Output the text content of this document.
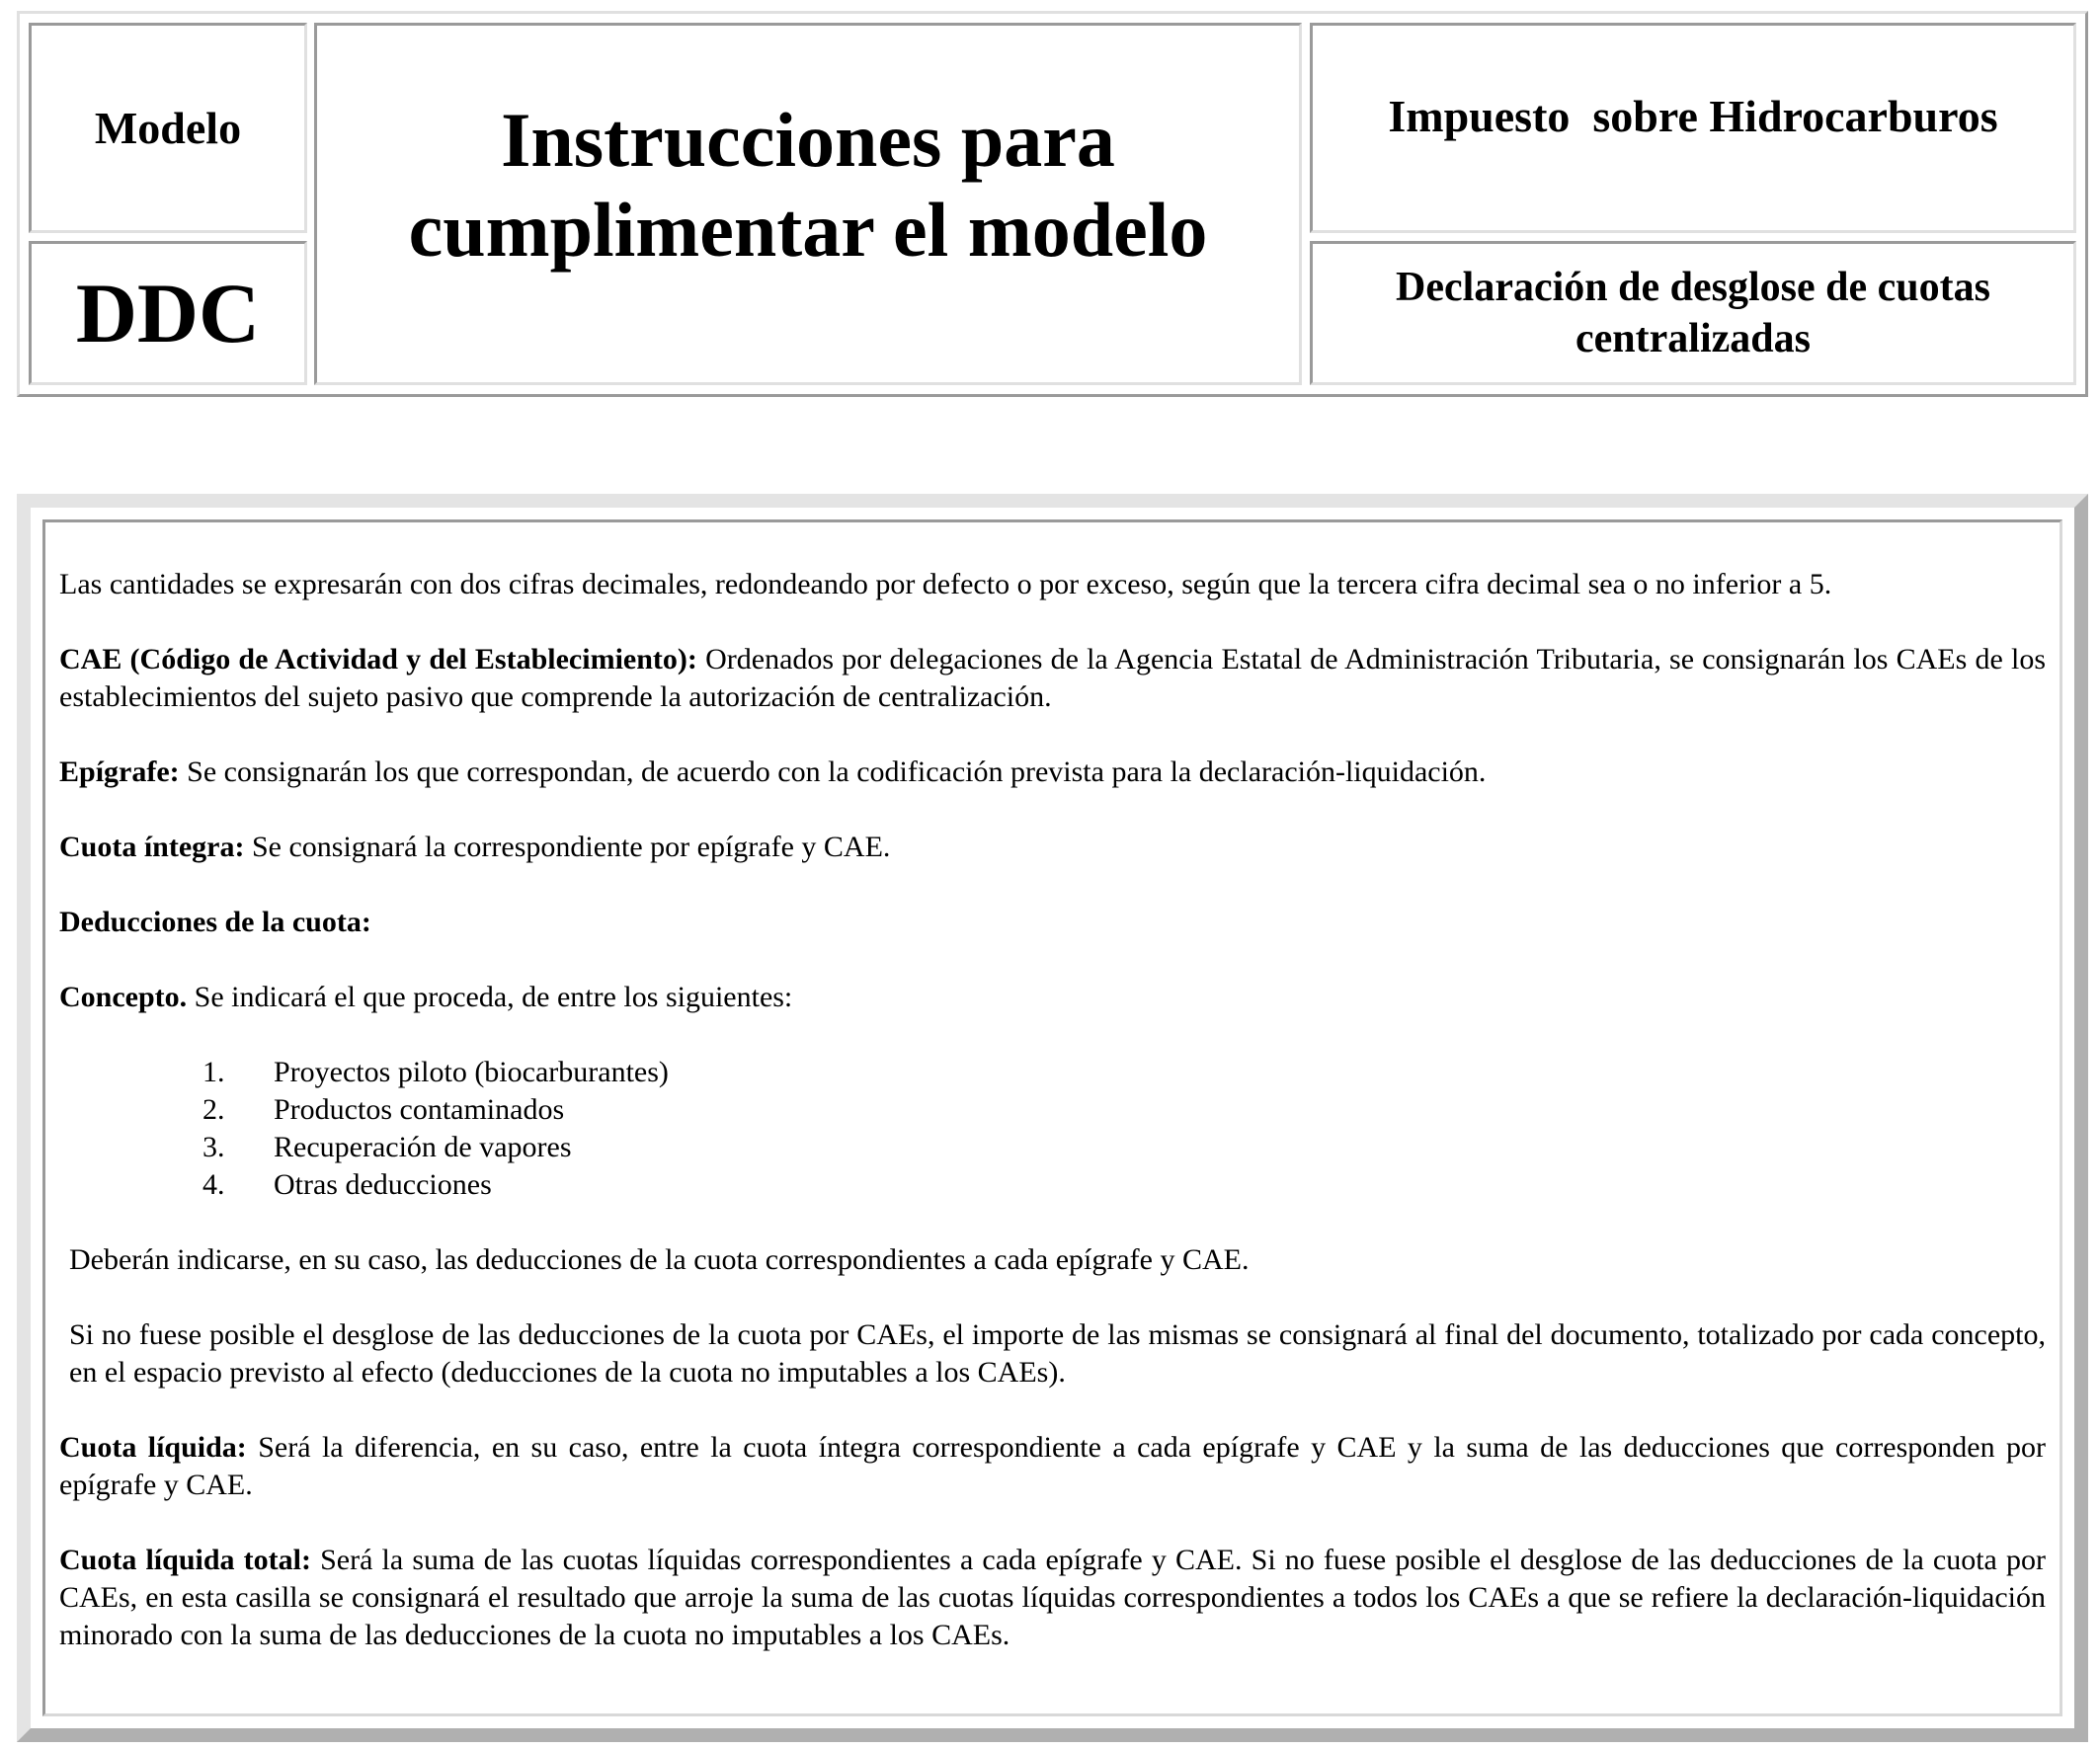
Modelo
DDC
Instrucciones para
cumplimentar el modelo
Impuesto  sobre Hidrocarburos
Declaración de desglose de cuotas
centralizadas

Las cantidades se expresarán con dos cifras decimales, redondeando por defecto o por exceso, según que la tercera cifra decimal sea o no inferior a 5.

CAE (Código de Actividad y del Establecimiento): Ordenados por delegaciones de la Agencia Estatal de Administración Tributaria, se consignarán los CAEs de los establecimientos del sujeto pasivo que comprende la autorización de centralización.

Epígrafe: Se consignarán los que correspondan, de acuerdo con la codificación prevista para la declaración-liquidación.

Cuota íntegra: Se consignará la correspondiente por epígrafe y CAE.

Deducciones de la cuota:

Concepto. Se indicará el que proceda, de entre los siguientes:

1.	Proyectos piloto (biocarburantes)
2.	Productos contaminados
3.	Recuperación de vapores
4.	Otras deducciones

Deberán indicarse, en su caso, las deducciones de la cuota correspondientes a cada epígrafe y CAE.

Si no fuese posible el desglose de las deducciones de la cuota por CAEs, el importe de las mismas se consignará al final del documento, totalizado por cada concepto, en el espacio previsto al efecto (deducciones de la cuota no imputables a los CAEs).

Cuota líquida: Será la diferencia, en su caso, entre la cuota íntegra correspondiente a cada epígrafe y CAE y la suma de las deducciones que corresponden por epígrafe y CAE.

Cuota líquida total: Será la suma de las cuotas líquidas correspondientes a cada epígrafe y CAE. Si no fuese posible el desglose de las deducciones de la cuota por CAEs, en esta casilla se consignará el resultado que arroje la suma de las cuotas líquidas correspondientes a todos los CAEs a que se refiere la declaración-liquidación minorado con la suma de las deducciones de la cuota no imputables a los CAEs.
